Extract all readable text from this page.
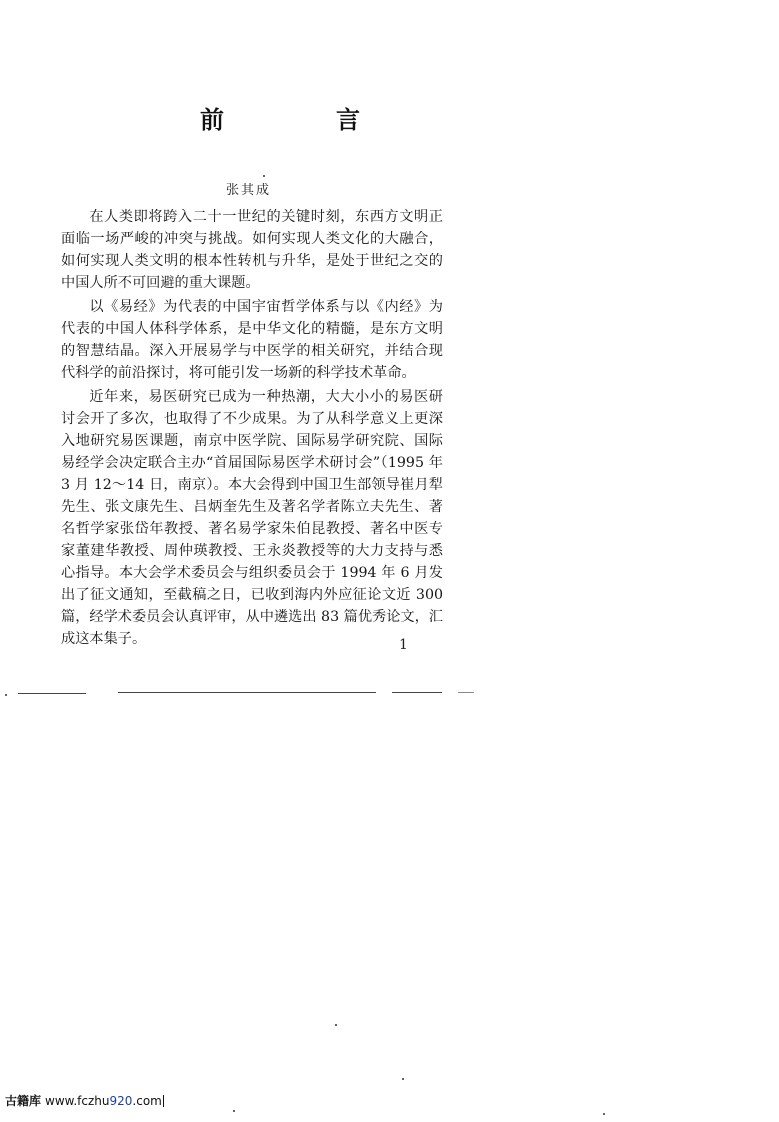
前　言
张其成

在人类即将跨入二十一世纪的关键时刻，东西方文明正面临一场严峻的冲突与挑战。如何实现人类文化的大融合，如何实现人类文明的根本性转机与升华，是处于世纪之交的中国人所不可回避的重大课题。

以《易经》为代表的中国宇宙哲学体系与以《内经》为代表的中国人体科学体系，是中华文化的精髓，是东方文明的智慧结晶。深入开展易学与中医学的相关研究，并结合现代科学的前沿探讨，将可能引发一场新的科学技术革命。

近年来，易医研究已成为一种热潮，大大小小的易医研讨会开了多次，也取得了不少成果。为了从科学意义上更深入地研究易医课题，南京中医学院、国际易学研究院、国际易经学会决定联合主办“首届国际易医学术研讨会”（1995 年 3 月 12～14 日，南京）。本大会得到中国卫生部领导崔月犁先生、张文康先生、吕炳奎先生及著名学者陈立夫先生、著名哲学家张岱年教授、著名易学家朱伯昆教授、著名中医专家董建华教授、周仲瑛教授、王永炎教授等的大力支持与悉心指导。本大会学术委员会与组织委员会于 1994 年 6 月发出了征文通知，至截稿之日，已收到海内外应征论文近 300 篇，经学术委员会认真评审，从中遴选出 83 篇优秀论文，汇成这本集子。	1
古籍库 www.fczhu920.com
